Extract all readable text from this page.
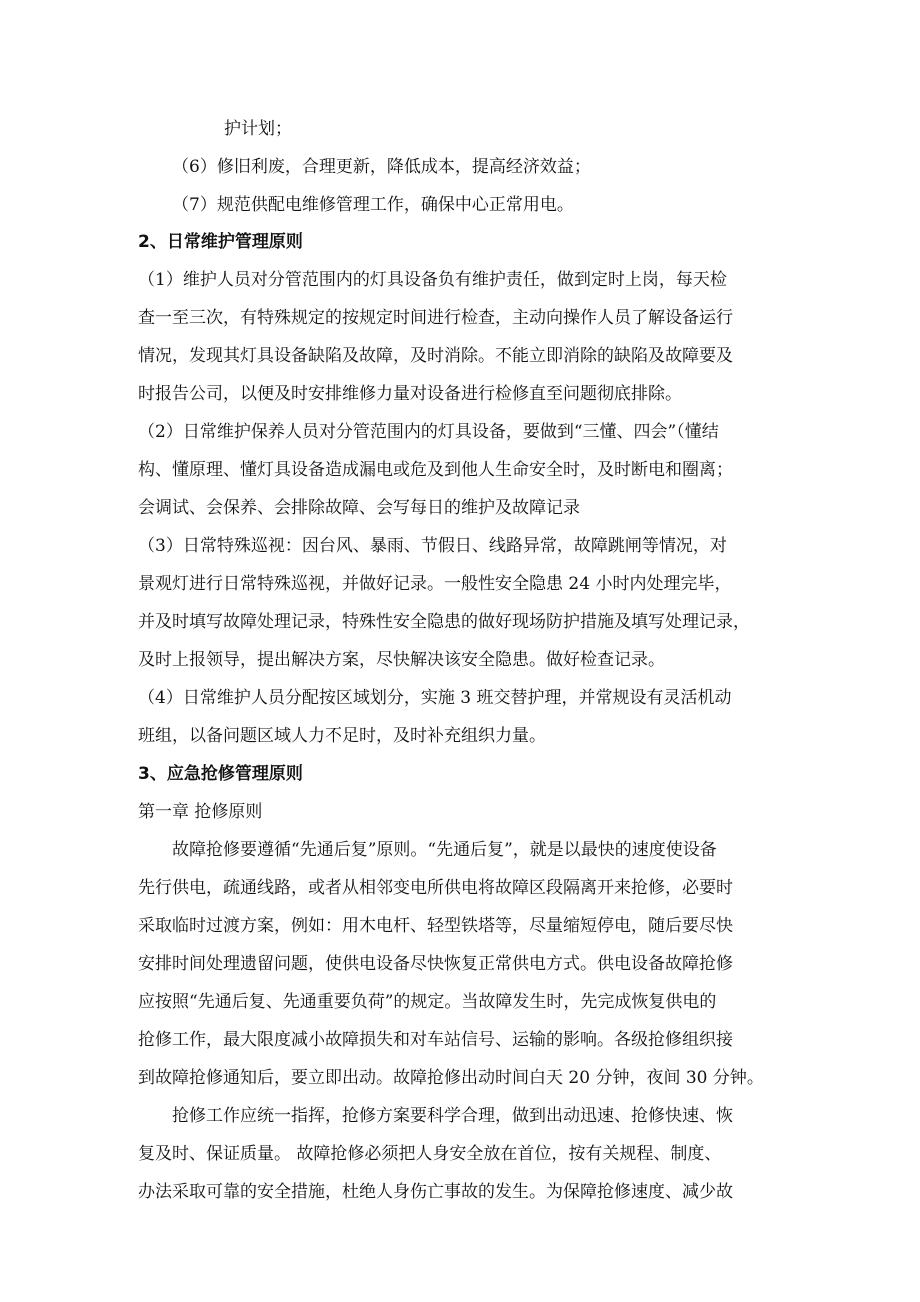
护计划；

（6）修旧利废，合理更新，降低成本，提高经济效益；

（7）规范供配电维修管理工作，确保中心正常用电。

2、日常维护管理原则

（1）维护人员对分管范围内的灯具设备负有维护责任，做到定时上岗，每天检

查一至三次，有特殊规定的按规定时间进行检查，主动向操作人员了解设备运行

情况，发现其灯具设备缺陷及故障，及时消除。不能立即消除的缺陷及故障要及

时报告公司，以便及时安排维修力量对设备进行检修直至问题彻底排除。

（2）日常维护保养人员对分管范围内的灯具设备，要做到“三懂、四会”（懂结

构、懂原理、懂灯具设备造成漏电或危及到他人生命安全时，及时断电和圈离；

会调试、会保养、会排除故障、会写每日的维护及故障记录

（3）日常特殊巡视：因台风、暴雨、节假日、线路异常，故障跳闸等情况，对

景观灯进行日常特殊巡视，并做好记录。一般性安全隐患 24 小时内处理完毕，

并及时填写故障处理记录，特殊性安全隐患的做好现场防护措施及填写处理记录，

及时上报领导，提出解决方案，尽快解决该安全隐患。做好检查记录。

（4）日常维护人员分配按区域划分，实施 3 班交替护理，并常规设有灵活机动

班组，以备问题区域人力不足时，及时补充组织力量。

3、应急抢修管理原则

第一章 抢修原则

故障抢修要遵循“先通后复”原则。“先通后复”，就是以最快的速度使设备

先行供电，疏通线路，或者从相邻变电所供电将故障区段隔离开来抢修，必要时

采取临时过渡方案，例如：用木电杆、轻型铁塔等，尽量缩短停电，随后要尽快

安排时间处理遗留问题，使供电设备尽快恢复正常供电方式。供电设备故障抢修

应按照“先通后复、先通重要负荷”的规定。当故障发生时，先完成恢复供电的

抢修工作，最大限度减小故障损失和对车站信号、运输的影响。各级抢修组织接

到故障抢修通知后，要立即出动。故障抢修出动时间白天 20 分钟，夜间 30 分钟。

抢修工作应统一指挥，抢修方案要科学合理，做到出动迅速、抢修快速、恢

复及时、保证质量。 故障抢修必须把人身安全放在首位，按有关规程、制度、

办法采取可靠的安全措施，杜绝人身伤亡事故的发生。为保障抢修速度、减少故
